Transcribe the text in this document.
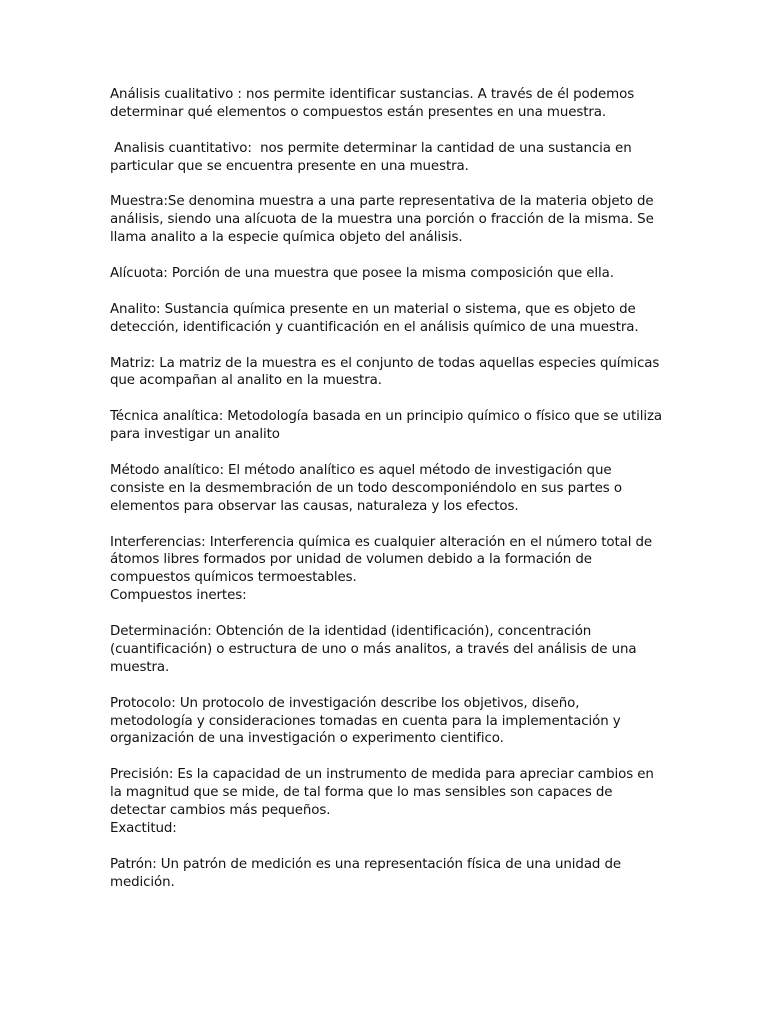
Análisis cualitativo : nos permite identificar sustancias. A través de él podemos determinar qué elementos o compuestos están presentes en una muestra.

Analisis cuantitativo:  nos permite determinar la cantidad de una sustancia en particular que se encuentra presente en una muestra.

Muestra:Se denomina muestra a una parte representativa de la materia objeto de análisis, siendo una alícuota de la muestra una porción o fracción de la misma. Se llama analito a la especie química objeto del análisis.

Alícuota: Porción de una muestra que posee la misma composición que ella.

Analito: Sustancia química presente en un material o sistema, que es objeto de detección, identificación y cuantificación en el análisis químico de una muestra.

Matriz: La matriz de la muestra es el conjunto de todas aquellas especies químicas que acompañan al analito en la muestra.

Técnica analítica: Metodología basada en un principio químico o físico que se utiliza para investigar un analito

Método analítico: El método analítico es aquel método de investigación que consiste en la desmembración de un todo descomponiéndolo en sus partes o elementos para observar las causas, naturaleza y los efectos.

Interferencias: Interferencia química es cualquier alteración en el número total de átomos libres formados por unidad de volumen debido a la formación de compuestos químicos termoestables.

Compuestos inertes:

Determinación: Obtención de la identidad (identificación), concentración (cuantificación) o estructura de uno o más analitos, a través del análisis de una muestra.

Protocolo: Un protocolo de investigación describe los objetivos, diseño, metodología y consideraciones tomadas en cuenta para la implementación y organización de una investigación o experimento cientifico.

Precisión: Es la capacidad de un instrumento de medida para apreciar cambios en la magnitud que se mide, de tal forma que lo mas sensibles son capaces de detectar cambios más pequeños.

Exactitud:

Patrón: Un patrón de medición es una representación física de una unidad de medición.
